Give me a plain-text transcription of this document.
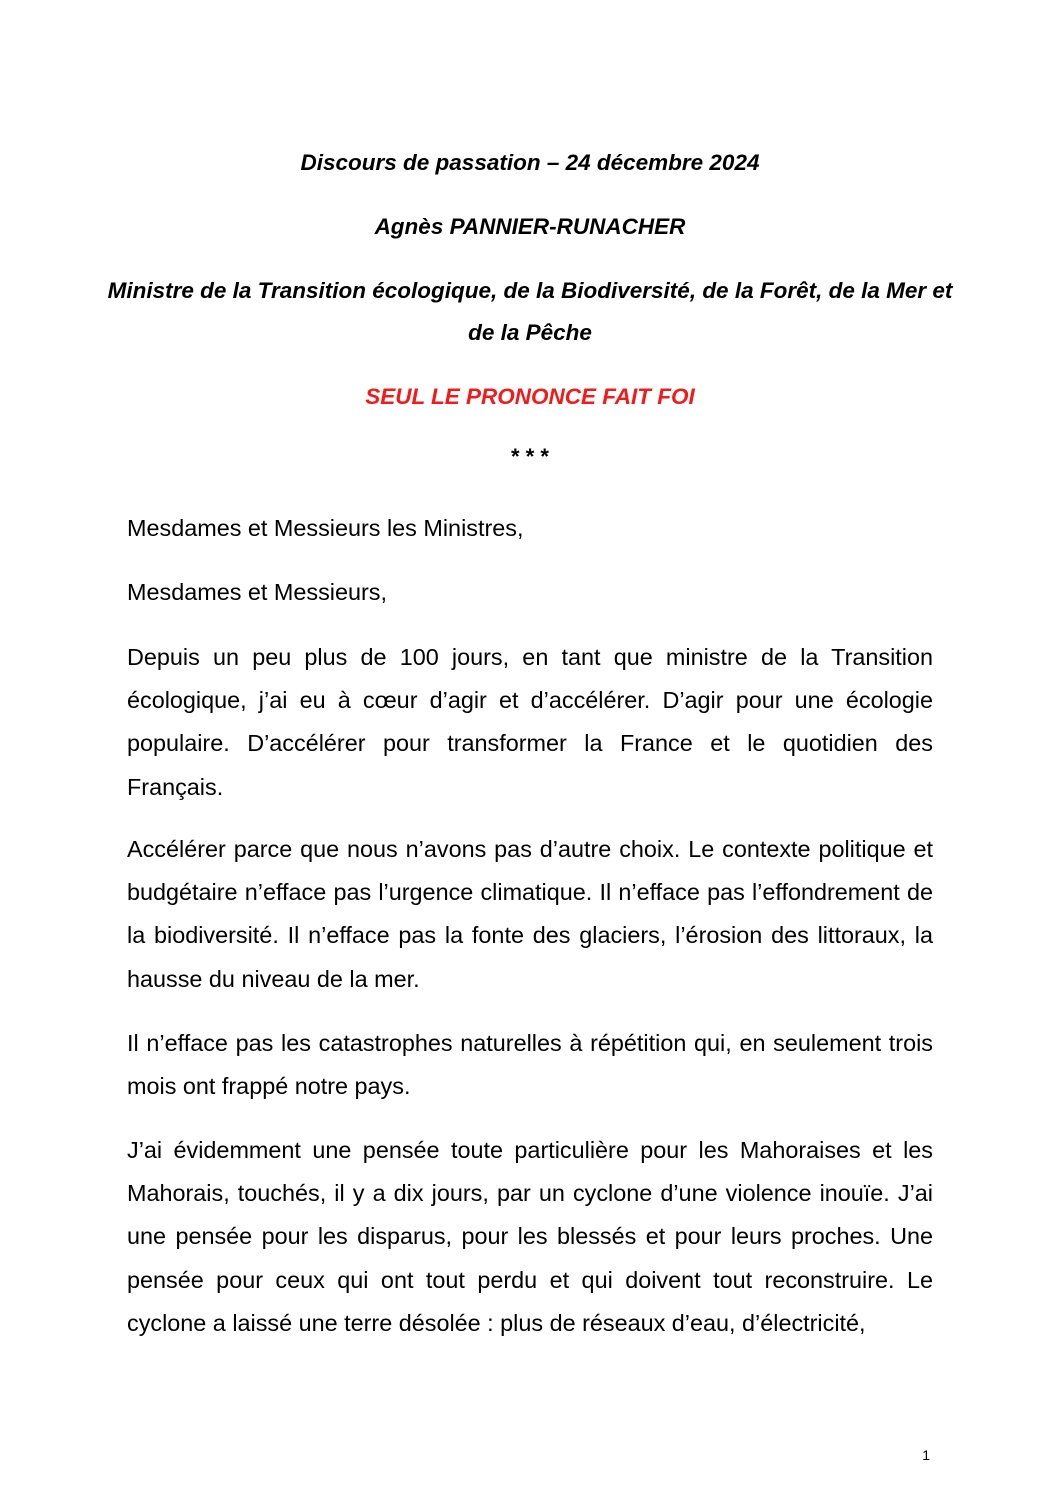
Discours de passation – 24 décembre 2024

Agnès PANNIER-RUNACHER

Ministre de la Transition écologique, de la Biodiversité, de la Forêt, de la Mer et de la Pêche

SEUL LE PRONONCE FAIT FOI

* * *

Mesdames et Messieurs les Ministres,

Mesdames et Messieurs,

Depuis un peu plus de 100 jours, en tant que ministre de la Transition écologique, j’ai eu à cœur d’agir et d’accélérer. D’agir pour une écologie populaire. D’accélérer pour transformer la France et le quotidien des Français.

Accélérer parce que nous n’avons pas d’autre choix. Le contexte politique et budgétaire n’efface pas l’urgence climatique. Il n’efface pas l’effondrement de la biodiversité. Il n’efface pas la fonte des glaciers, l’érosion des littoraux, la hausse du niveau de la mer.

Il n’efface pas les catastrophes naturelles à répétition qui, en seulement trois mois ont frappé notre pays.

J’ai évidemment une pensée toute particulière pour les Mahoraises et les Mahorais, touchés, il y a dix jours, par un cyclone d’une violence inouïe. J’ai une pensée pour les disparus, pour les blessés et pour leurs proches. Une pensée pour ceux qui ont tout perdu et qui doivent tout reconstruire. Le cyclone a laissé une terre désolée : plus de réseaux d’eau, d’électricité,

1
